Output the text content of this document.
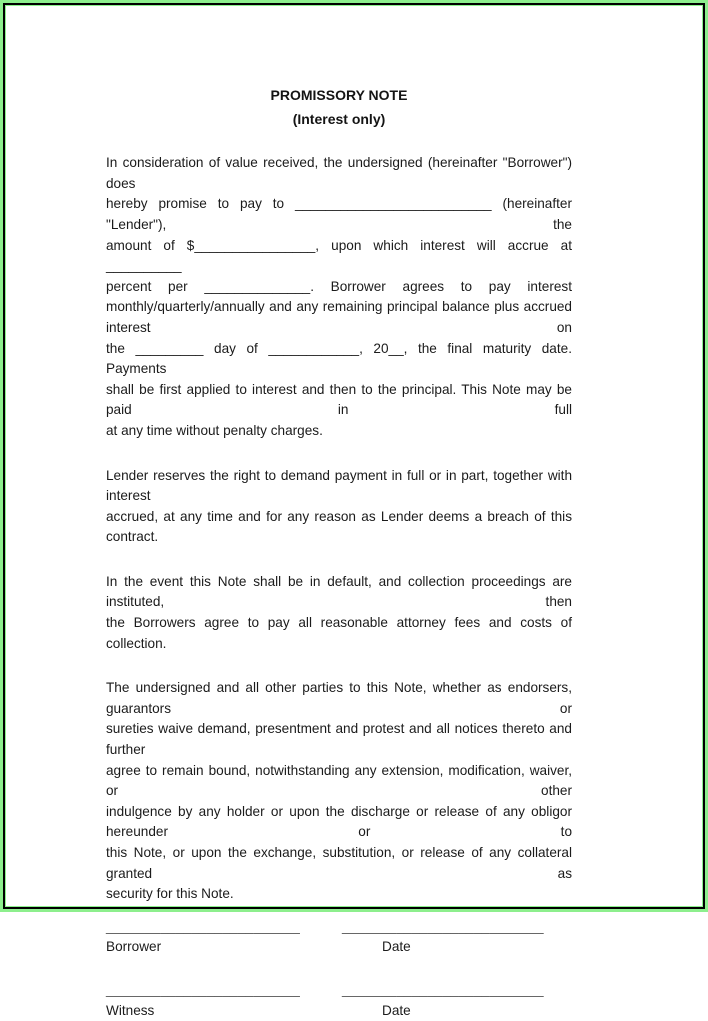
PROMISSORY NOTE
(Interest only)
In consideration of value received, the undersigned (hereinafter "Borrower") does
hereby promise to pay to __________________________ (hereinafter "Lender"), the
amount of $________________, upon which interest will accrue at __________
percent per ______________. Borrower agrees to pay interest
monthly/quarterly/annually and any remaining principal balance plus accrued interest on
the _________ day of ____________, 20__, the final maturity date. Payments
shall be first applied to interest and then to the principal. This Note may be paid in full
at any time without penalty charges.
Lender reserves the right to demand payment in full or in part, together with interest
accrued, at any time and for any reason as Lender deems a breach of this contract.
In the event this Note shall be in default, and collection proceedings are instituted, then
the Borrowers agree to pay all reasonable attorney fees and costs of collection.
The undersigned and all other parties to this Note, whether as endorsers, guarantors or
sureties waive demand, presentment and protest and all notices thereto and further
agree to remain bound, notwithstanding any extension, modification, waiver, or other
indulgence by any holder or upon the discharge or release of any obligor hereunder or to
this Note, or upon the exchange, substitution, or release of any collateral granted as
security for this Note.
_________________________
Borrower
__________________________
Date
_________________________
Witness
__________________________
Date
